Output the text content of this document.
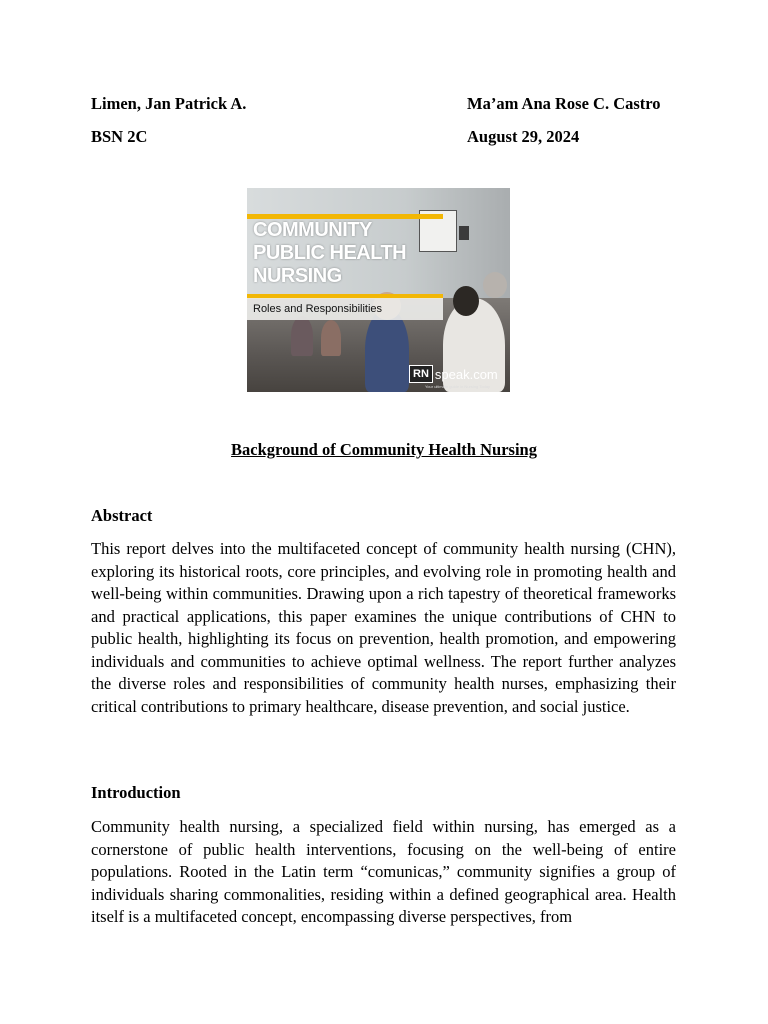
Limen, Jan Patrick A.	Ma’am Ana Rose C. Castro
BSN 2C	August 29, 2024
COMMUNITY
PUBLIC HEALTH
NURSING
Roles and Responsibilities
RN speak.com
Your ultimate guide in Nursing Today
Background of Community Health Nursing
Abstract
This report delves into the multifaceted concept of community health nursing (CHN), exploring its historical roots, core principles, and evolving role in promoting health and well-being within communities. Drawing upon a rich tapestry of theoretical frameworks and practical applications, this paper examines the unique contributions of CHN to public health, highlighting its focus on prevention, health promotion, and empowering individuals and communities to achieve optimal wellness. The report further analyzes the diverse roles and responsibilities of community health nurses, emphasizing their critical contributions to primary healthcare, disease prevention, and social justice.
Introduction
Community health nursing, a specialized field within nursing, has emerged as a cornerstone of public health interventions, focusing on the well-being of entire populations. Rooted in the Latin term “comunicas,” community signifies a group of individuals sharing commonalities, residing within a defined geographical area. Health itself is a multifaceted concept, encompassing diverse perspectives, from
